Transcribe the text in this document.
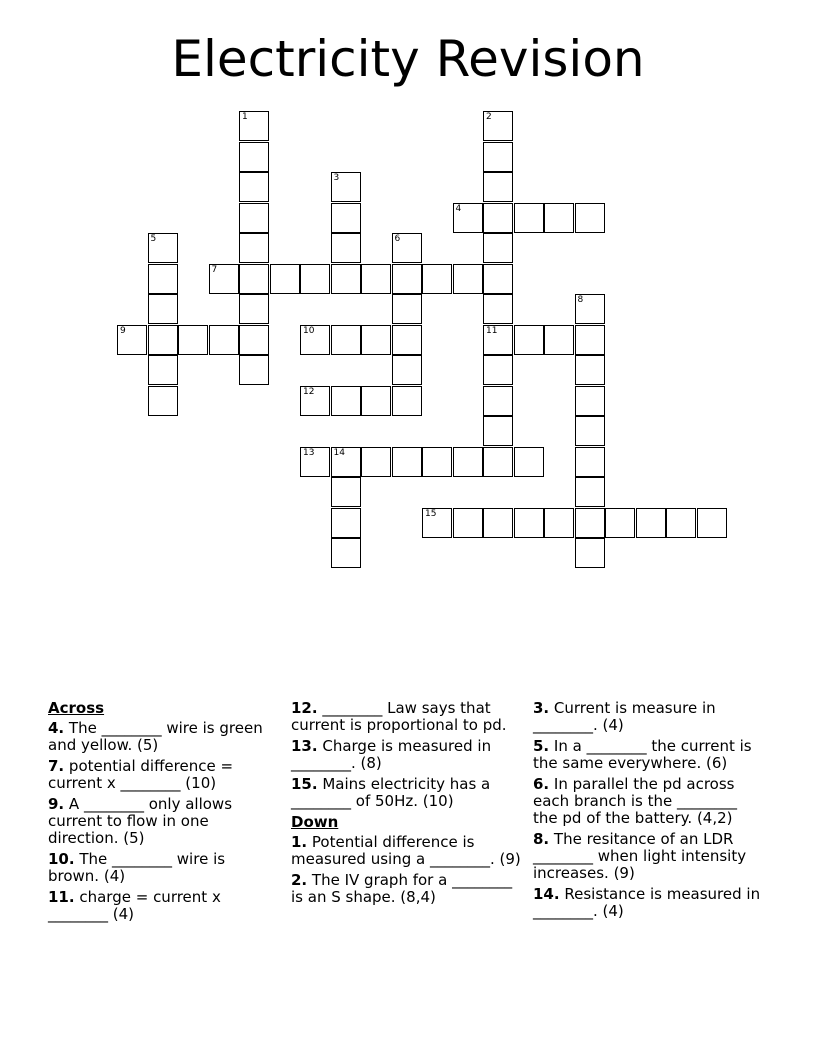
Electricity Revision
1	2
11
3
4
5	6
7
8
9	10
12
13 14
15
Across
4. The ________ wire is green and yellow. (5)
7. potential difference = current x ________ (10)
9. A ________ only allows current to flow in one direction. (5)
10. The ________ wire is brown. (4)
11. charge = current x ________ (4)
12. ________ Law says that current is proportional to pd.
13. Charge is measured in ________. (8)
15. Mains electricity has a ________ of 50Hz. (10)
Down
1. Potential difference is measured using a ________. (9)
2. The IV graph for a ________ is an S shape. (8,4)
3. Current is measure in ________. (4)
5. In a ________ the current is the same everywhere. (6)
6. In parallel the pd across each branch is the ________ the pd of the battery. (4,2)
8. The resitance of an LDR ________ when light intensity increases. (9)
14. Resistance is measured in ________. (4)
